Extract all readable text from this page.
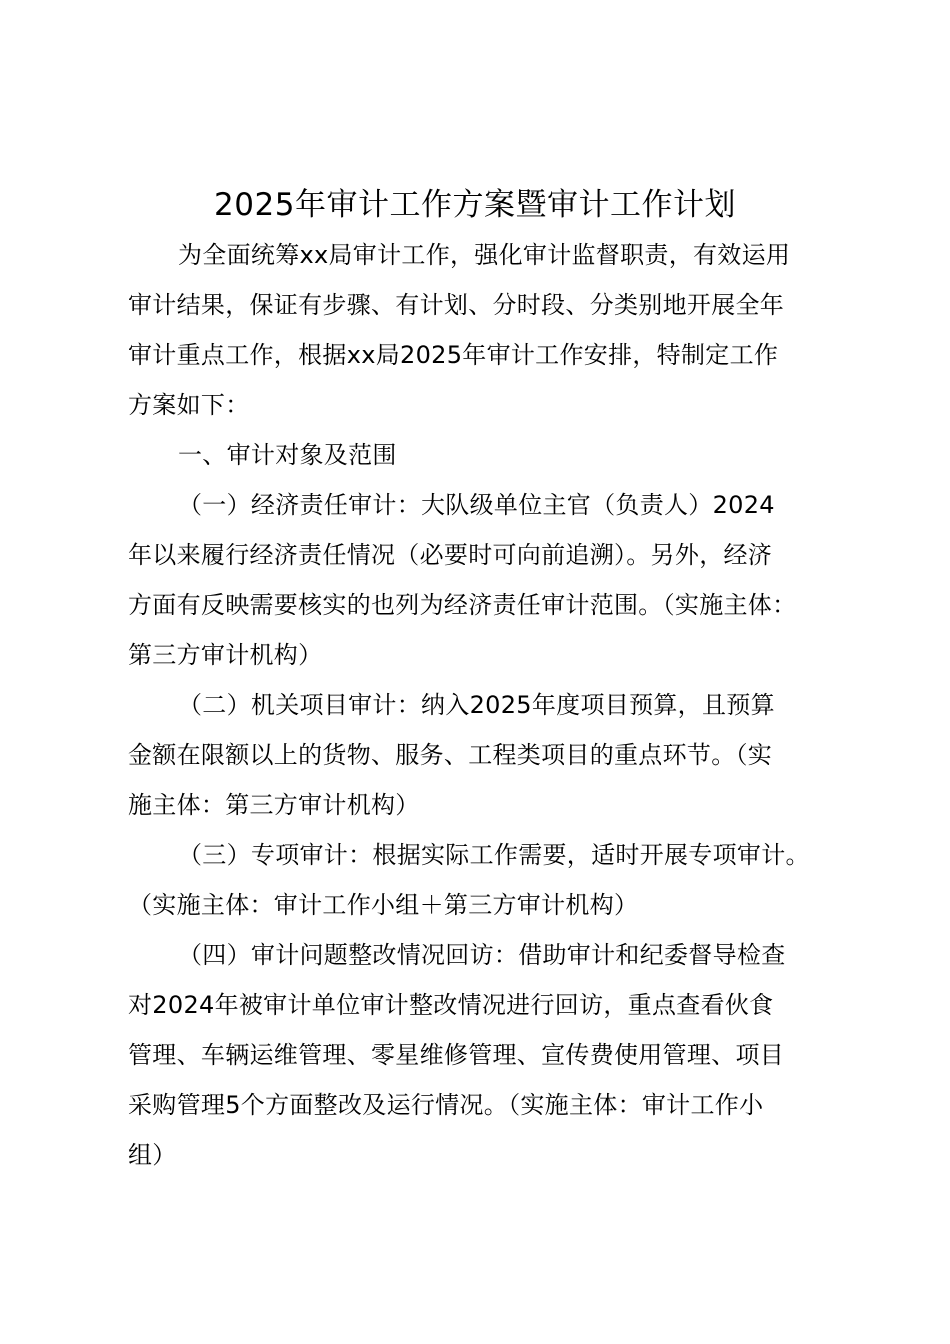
2025年审计工作方案暨审计工作计划
为全面统筹xx局审计工作，强化审计监督职责，有效运用
审计结果，保证有步骤、有计划、分时段、分类别地开展全年
审计重点工作，根据xx局2025年审计工作安排，特制定工作
方案如下：
一、审计对象及范围
（一）经济责任审计：大队级单位主官（负责人）2024
年以来履行经济责任情况（必要时可向前追溯）。另外，经济
方面有反映需要核实的也列为经济责任审计范围。（实施主体：
第三方审计机构）
（二）机关项目审计：纳入2025年度项目预算，且预算
金额在限额以上的货物、服务、工程类项目的重点环节。（实
施主体：第三方审计机构）
（三）专项审计：根据实际工作需要，适时开展专项审计。
（实施主体：审计工作小组＋第三方审计机构）
（四）审计问题整改情况回访：借助审计和纪委督导检查
对2024年被审计单位审计整改情况进行回访，重点查看伙食
管理、车辆运维管理、零星维修管理、宣传费使用管理、项目
采购管理5个方面整改及运行情况。（实施主体：审计工作小
组）
